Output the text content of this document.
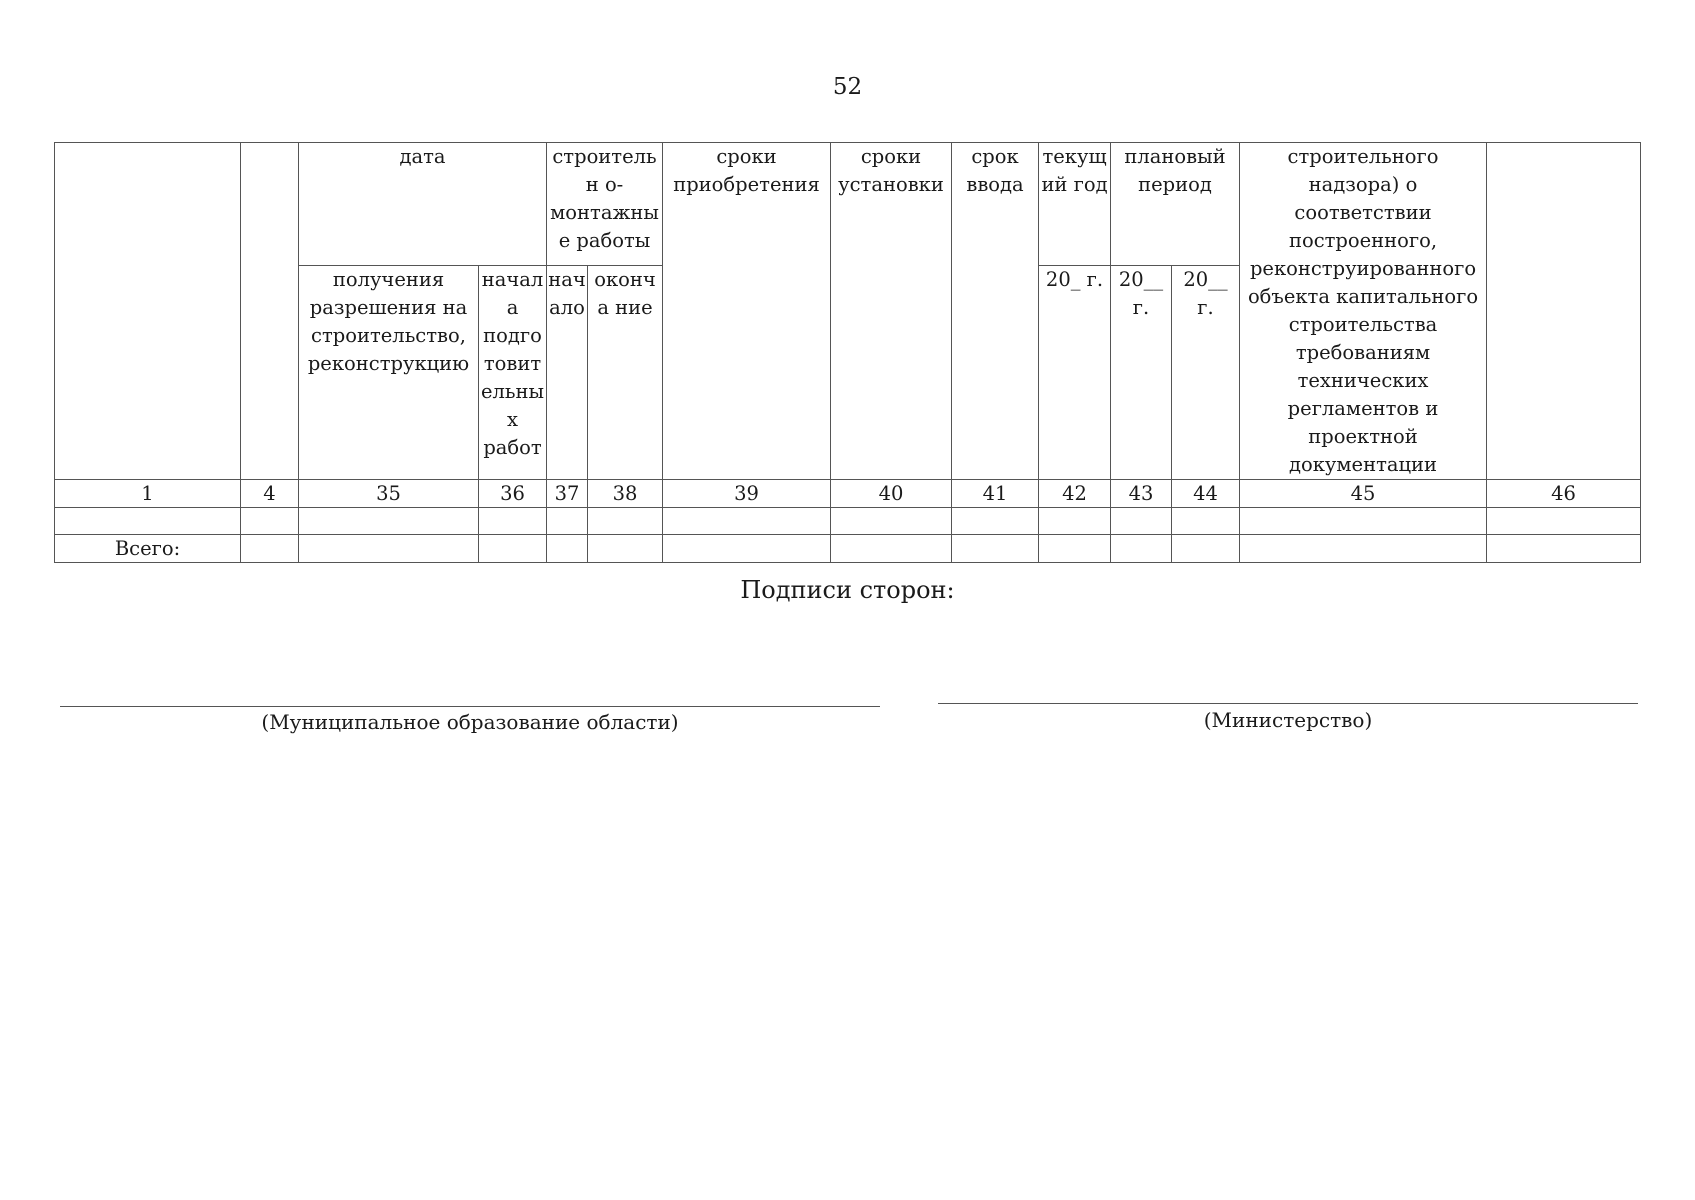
52
		дата		строительн о-монтажны е работы		сроки приобретения	сроки установки	срок ввода	текущ ий год	плановый период		строительного надзора) о соответствии построенного, реконструированного объекта капитального строительства требованиям технических регламентов и проектной документации	
		получения разрешения на строительство, реконструкцию	начал а подго товит ельны х работ	нач ало	оконча ние				20_ г.	20__ г.	20__ г.		
1	4	35	36	37	38	39	40	41	42	43	44	45	46

Всего:													
Подписи сторон:
(Муниципальное образование области)	(Министерство)
